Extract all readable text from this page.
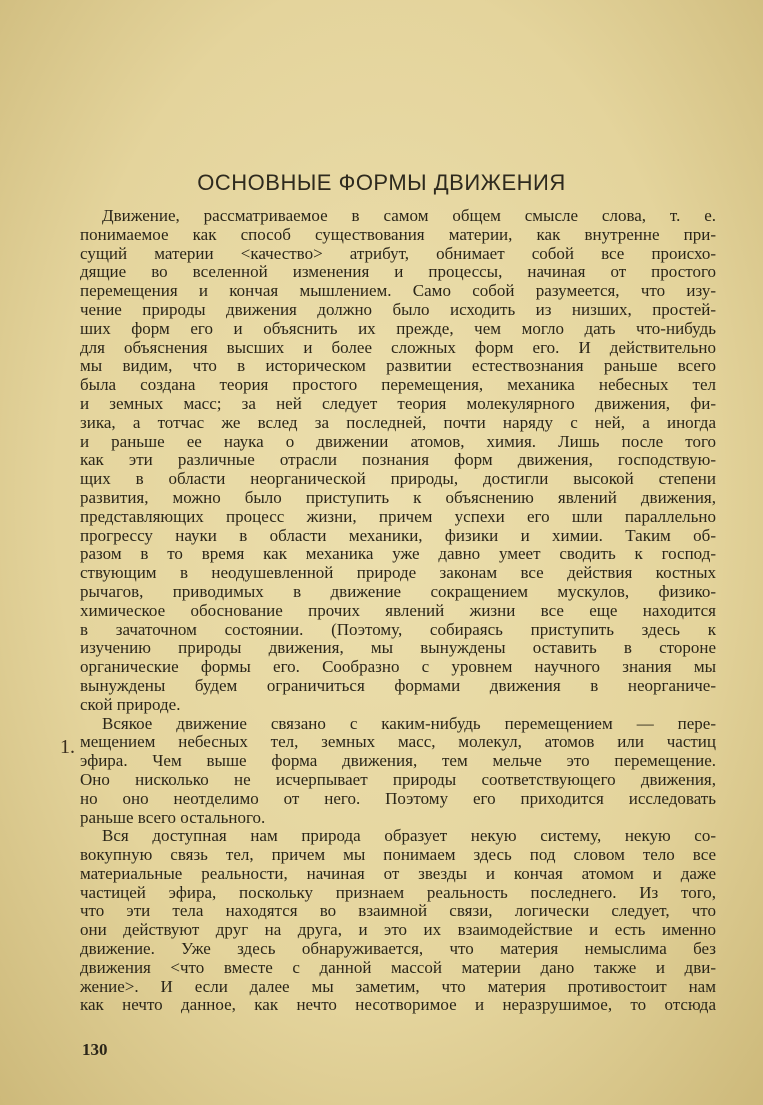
ОСНОВНЫЕ ФОРМЫ ДВИЖЕНИЯ
1.
Движение, рассматриваемое в самом общем смысле слова, т. е.
понимаемое как способ существования материи, как внутренне при-
сущий материи <качество> атрибут, обнимает собой все происхо-
дящие во вселенной изменения и процессы, начиная от простого
перемещения и кончая мышлением. Само собой разумеется, что изу-
чение природы движения должно было исходить из низших, простей-
ших форм его и объяснить их прежде, чем могло дать что-нибудь
для объяснения высших и более сложных форм его. И действительно
мы видим, что в историческом развитии естествознания раньше всего
была создана теория простого перемещения, механика небесных тел
и земных масс; за ней следует теория молекулярного движения, фи-
зика, а тотчас же вслед за последней, почти наряду с ней, а иногда
и раньше ее наука о движении атомов, химия. Лишь после того
как эти различные отрасли познания форм движения, господствую-
щих в области неорганической природы, достигли высокой степени
развития, можно было приступить к объяснению явлений движения,
представляющих процесс жизни, причем успехи его шли параллельно
прогрессу науки в области механики, физики и химии. Таким об-
разом в то время как механика уже давно умеет сводить к господ-
ствующим в неодушевленной природе законам все действия костных
рычагов, приводимых в движение сокращением мускулов, физико-
химическое обоснование прочих явлений жизни все еще находится
в зачаточном состоянии. (Поэтому, собираясь приступить здесь к
изучению природы движения, мы вынуждены оставить в стороне
органические формы его. Сообразно с уровнем научного знания мы
вынуждены будем ограничиться формами движения в неорганиче-
ской природе.
Всякое движение связано с каким-нибудь перемещением — пере-
мещением небесных тел, земных масс, молекул, атомов или частиц
эфира. Чем выше форма движения, тем мельче это перемещение.
Оно нисколько не исчерпывает природы соответствующего движения,
но оно неотделимо от него. Поэтому его приходится исследовать
раньше всего остального.
Вся доступная нам природа образует некую систему, некую со-
вокупную связь тел, причем мы понимаем здесь под словом тело все
материальные реальности, начиная от звезды и кончая атомом и даже
частицей эфира, поскольку признаем реальность последнего. Из того,
что эти тела находятся во взаимной связи, логически следует, что
они действуют друг на друга, и это их взаимодействие и есть именно
движение. Уже здесь обнаруживается, что материя немыслима без
движения <что вместе с данной массой материи дано также и дви-
жение>. И если далее мы заметим, что материя противостоит нам
как нечто данное, как нечто несотворимое и неразрушимое, то отсюда
130
